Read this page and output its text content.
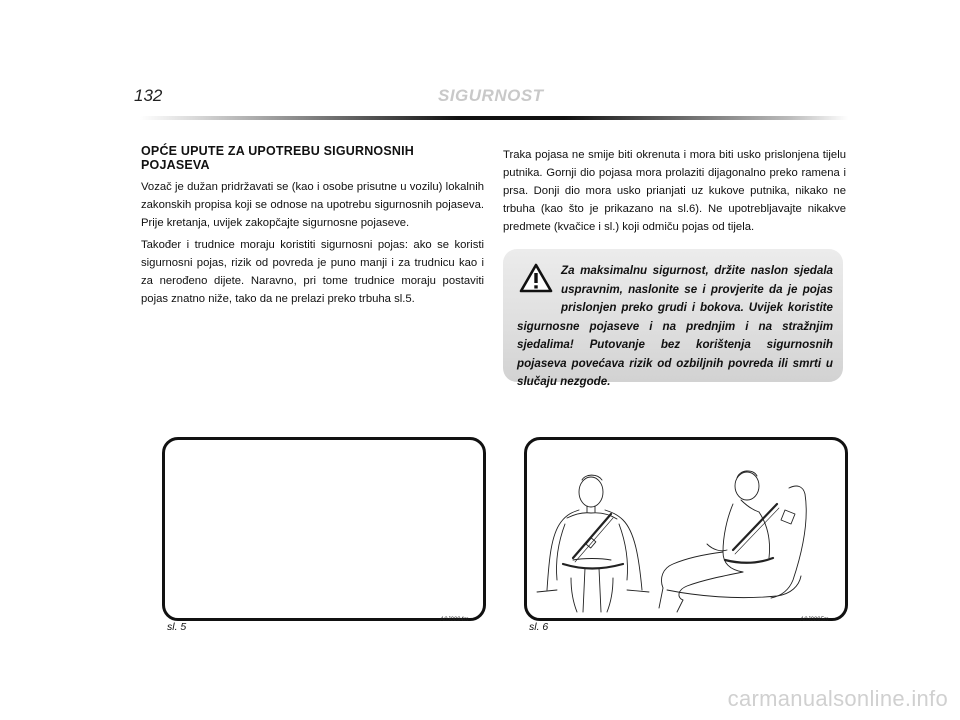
132	SIGURNOST
OPĆE UPUTE ZA UPOTREBU SIGURNOSNIH POJASEVA

Vozač je dužan pridržavati se (kao i osobe prisutne u vozilu) lokalnih zakonskih propisa koji se odnose na upotrebu sigurnosnih pojaseva. Prije kretanja, uvijek zakopčajte sigurnosne pojaseve.

Također i trudnice moraju koristiti sigurnosni pojas: ako se koristi sigurnosni pojas, rizik od povreda je puno manji i za trudnicu kao i za nerođeno dijete. Naravno, pri tome trudnice moraju postaviti pojas znatno niže, tako da ne prelazi preko trbuha sl.5.

Traka pojasa ne smije biti okrenuta i mora biti usko prislonjena tijelu putnika. Gornji dio pojasa mora prolaziti dijagonalno preko ramena i prsa. Donji dio mora usko prianjati uz kukove putnika, nikako ne trbuha (kao što je prikazano na sl.6). Ne upotrebljavajte nikakve predmete (kvačice i sl.) koji odmiču pojas od tijela.

Za maksimalnu sigurnost, držite naslon sjedala uspravnim, naslonite se i provjerite da je pojas prislonjen preko grudi i bokova. Uvijek koristite sigurnosne pojaseve i na prednjim i na stražnjim sjedalima! Putovanje bez korištenja sigurnosnih pojaseva povećava rizik od ozbiljnih povreda ili smrti u slučaju nezgode.
sl. 5
A0J0094m
sl. 6
A0J0095m
carmanualsonline.info
